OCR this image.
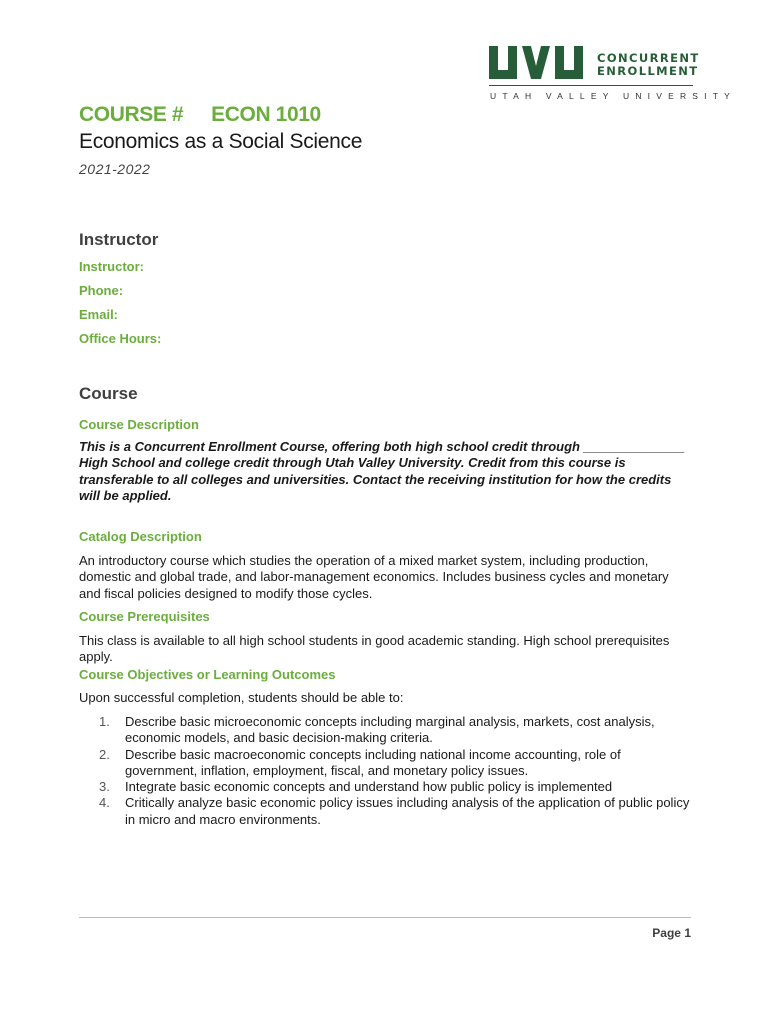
CONCURRENT
ENROLLMENT
UTAH VALLEY UNIVERSITY
COURSE # ECON 1010
Economics as a Social Science
2021-2022
Instructor
Instructor:
Phone:
Email:
Office Hours:
Course
Course Description
This is a Concurrent Enrollment Course, offering both high school credit through ______________ High School and college credit through Utah Valley University. Credit from this course is transferable to all colleges and universities. Contact the receiving institution for how the credits will be applied.
Catalog Description
An introductory course which studies the operation of a mixed market system, including production, domestic and global trade, and labor-management economics. Includes business cycles and monetary and fiscal policies designed to modify those cycles.
Course Prerequisites
This class is available to all high school students in good academic standing. High school prerequisites apply.
Course Objectives or Learning Outcomes
Upon successful completion, students should be able to:
1. Describe basic microeconomic concepts including marginal analysis, markets, cost analysis, economic models, and basic decision-making criteria.
2. Describe basic macroeconomic concepts including national income accounting, role of government, inflation, employment, fiscal, and monetary policy issues.
3. Integrate basic economic concepts and understand how public policy is implemented
4. Critically analyze basic economic policy issues including analysis of the application of public policy in micro and macro environments.
Page 1
